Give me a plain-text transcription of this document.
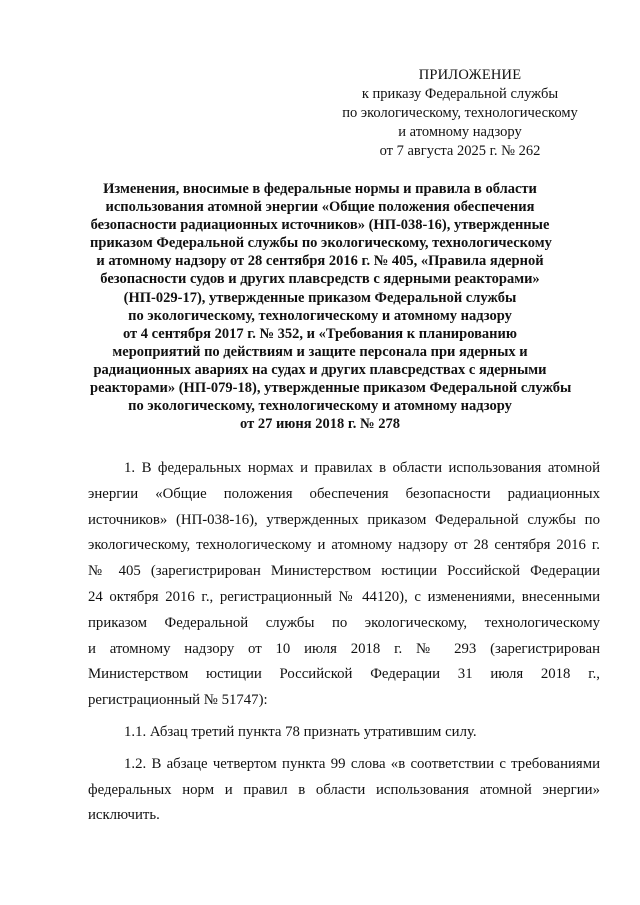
ПРИЛОЖЕНИЕ
к приказу Федеральной службы
по экологическому, технологическому
и атомному надзору
от 7 августа 2025 г. № 262
Изменения, вносимые в федеральные нормы и правила в области
использования атомной энергии «Общие положения обеспечения
безопасности радиационных источников» (НП-038-16), утвержденные
приказом Федеральной службы по экологическому, технологическому
и атомному надзору от 28 сентября 2016 г. № 405, «Правила ядерной
безопасности судов и других плавсредств с ядерными реакторами»
(НП-029-17), утвержденные приказом Федеральной службы
по экологическому, технологическому и атомному надзору
от 4 сентября 2017 г. № 352, и «Требования к планированию
мероприятий по действиям и защите персонала при ядерных и
радиационных авариях на судах и других плавсредствах с ядерными
реакторами» (НП-079-18), утвержденные приказом Федеральной службы
по экологическому, технологическому и атомному надзору
от 27 июня 2018 г. № 278
1. В федеральных нормах и правилах в области использования атомной
энергии «Общие положения обеспечения безопасности радиационных
источников» (НП-038-16), утвержденных приказом Федеральной службы по
экологическому, технологическому и атомному надзору от 28 сентября 2016 г.
№ 405 (зарегистрирован Министерством юстиции Российской Федерации
24 октября 2016 г., регистрационный № 44120), с изменениями, внесенными
приказом Федеральной службы по экологическому, технологическому
и атомному надзору от 10 июля 2018 г. № 293 (зарегистрирован
Министерством юстиции Российской Федерации 31 июля 2018 г.,
регистрационный № 51747):
1.1. Абзац третий пункта 78 признать утратившим силу.
1.2. В абзаце четвертом пункта 99 слова «в соответствии с требованиями
федеральных норм и правил в области использования атомной энергии»
исключить.
